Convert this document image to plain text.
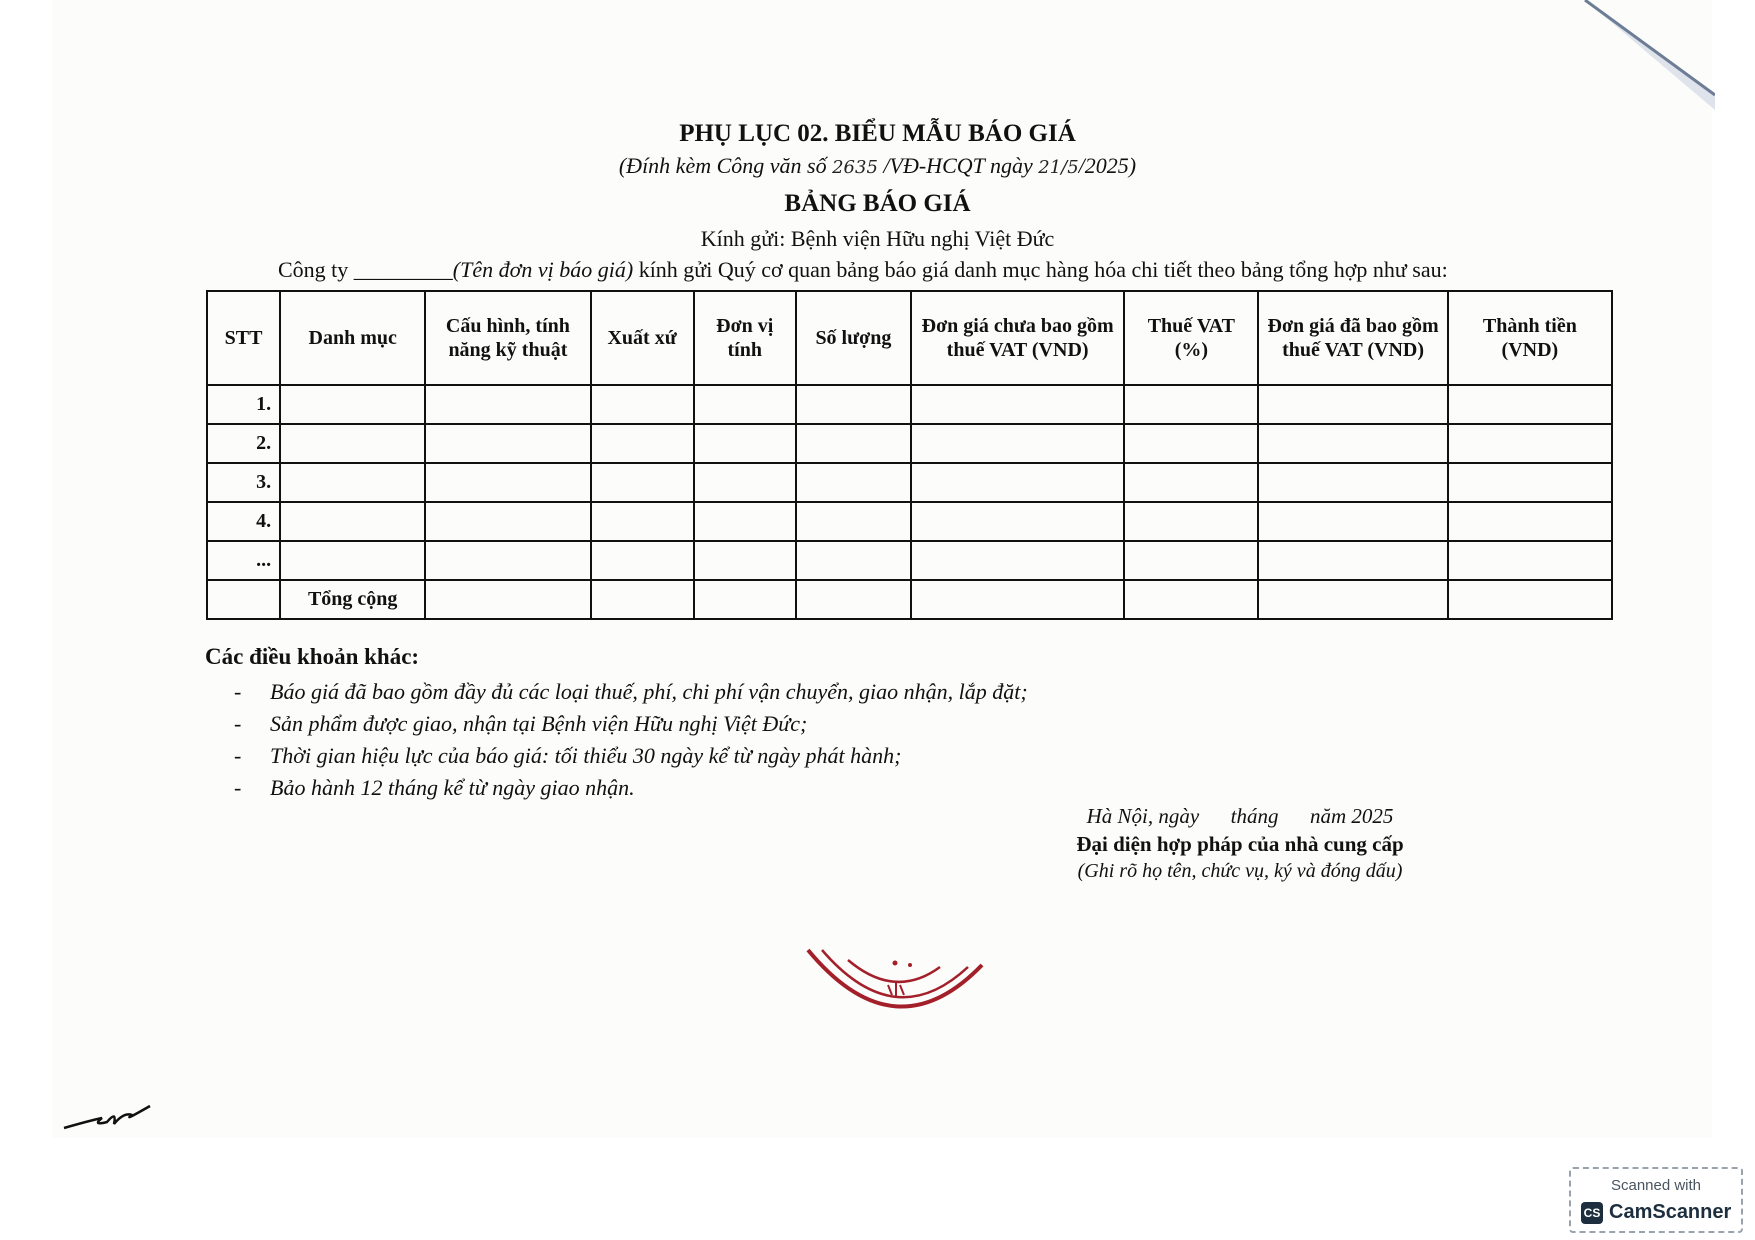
PHỤ LỤC 02. BIỂU MẪU BÁO GIÁ
(Đính kèm Công văn số 2635 /VĐ-HCQT ngày 21/5/2025)
BẢNG BÁO GIÁ
Kính gửi: Bệnh viện Hữu nghị Việt Đức
Công ty _________(Tên đơn vị báo giá) kính gửi Quý cơ quan bảng báo giá danh mục hàng hóa chi tiết theo bảng tổng hợp như sau:
STT	Danh mục	Cấu hình, tính năng kỹ thuật	Xuất xứ	Đơn vị tính	Số lượng	Đơn giá chưa bao gồm thuế VAT (VND)	Thuế VAT (%)	Đơn giá đã bao gồm thuế VAT (VND)	Thành tiền (VND)
1.									
2.									
3.									
4.									
...									
	Tổng cộng								
Các điều khoản khác:
- Báo giá đã bao gồm đầy đủ các loại thuế, phí, chi phí vận chuyển, giao nhận, lắp đặt;
- Sản phẩm được giao, nhận tại Bệnh viện Hữu nghị Việt Đức;
- Thời gian hiệu lực của báo giá: tối thiểu 30 ngày kể từ ngày phát hành;
- Bảo hành 12 tháng kể từ ngày giao nhận.
Hà Nội, ngày      tháng      năm 2025
Đại diện hợp pháp của nhà cung cấp
(Ghi rõ họ tên, chức vụ, ký và đóng dấu)
Scanned with
CS CamScanner
